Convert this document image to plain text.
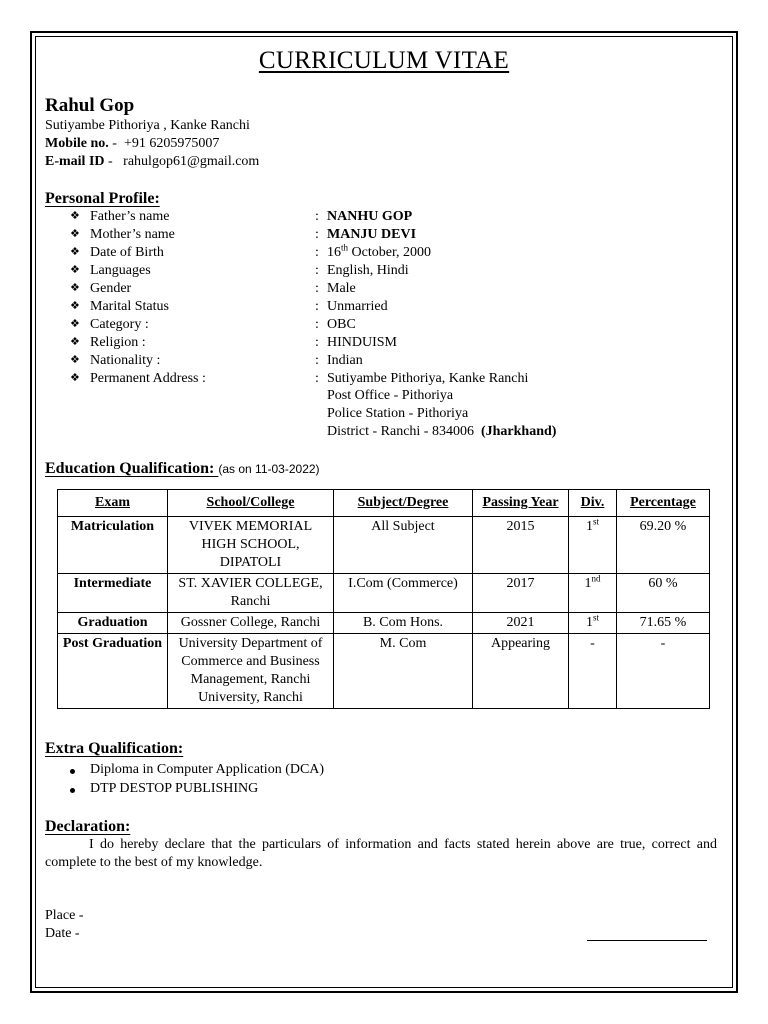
CURRICULUM VITAE
Rahul Gop
Sutiyambe Pithoriya , Kanke Ranchi
Mobile no. -  +91 6205975007
E-mail ID -   rahulgop61@gmail.com
Personal Profile:
❖ Father’s name	: NANHU GOP
❖ Mother’s name	: MANJU DEVI
❖ Date of Birth	: 16th October, 2000
❖ Languages	: English, Hindi
❖ Gender	: Male
❖ Marital Status	: Unmarried
❖ Category :	: OBC
❖ Religion :	: HINDUISM
❖ Nationality :	: Indian
❖ Permanent Address :	: Sutiyambe Pithoriya, Kanke Ranchi
Post Office - Pithoriya
Police Station - Pithoriya
District - Ranchi - 834006  (Jharkhand)
Education Qualification: (as on 11-03-2022)
Exam	School/College	Subject/Degree	Passing Year	Div.	Percentage
Matriculation	VIVEK MEMORIAL HIGH SCHOOL, DIPATOLI	All Subject	2015	1st	69.20 %
Intermediate	ST. XAVIER COLLEGE, Ranchi	I.Com (Commerce)	2017	1nd	60 %
Graduation	Gossner College, Ranchi	B. Com Hons.	2021	1st	71.65 %
Post Graduation	University Department of Commerce and Business Management, Ranchi University, Ranchi	M. Com	Appearing	-	-
Extra Qualification:
Diploma in Computer Application (DCA)
DTP DESTOP PUBLISHING
Declaration:
I do hereby declare that the particulars of information and facts stated herein above are true, correct and complete to the best of my knowledge.
Place -
Date -
